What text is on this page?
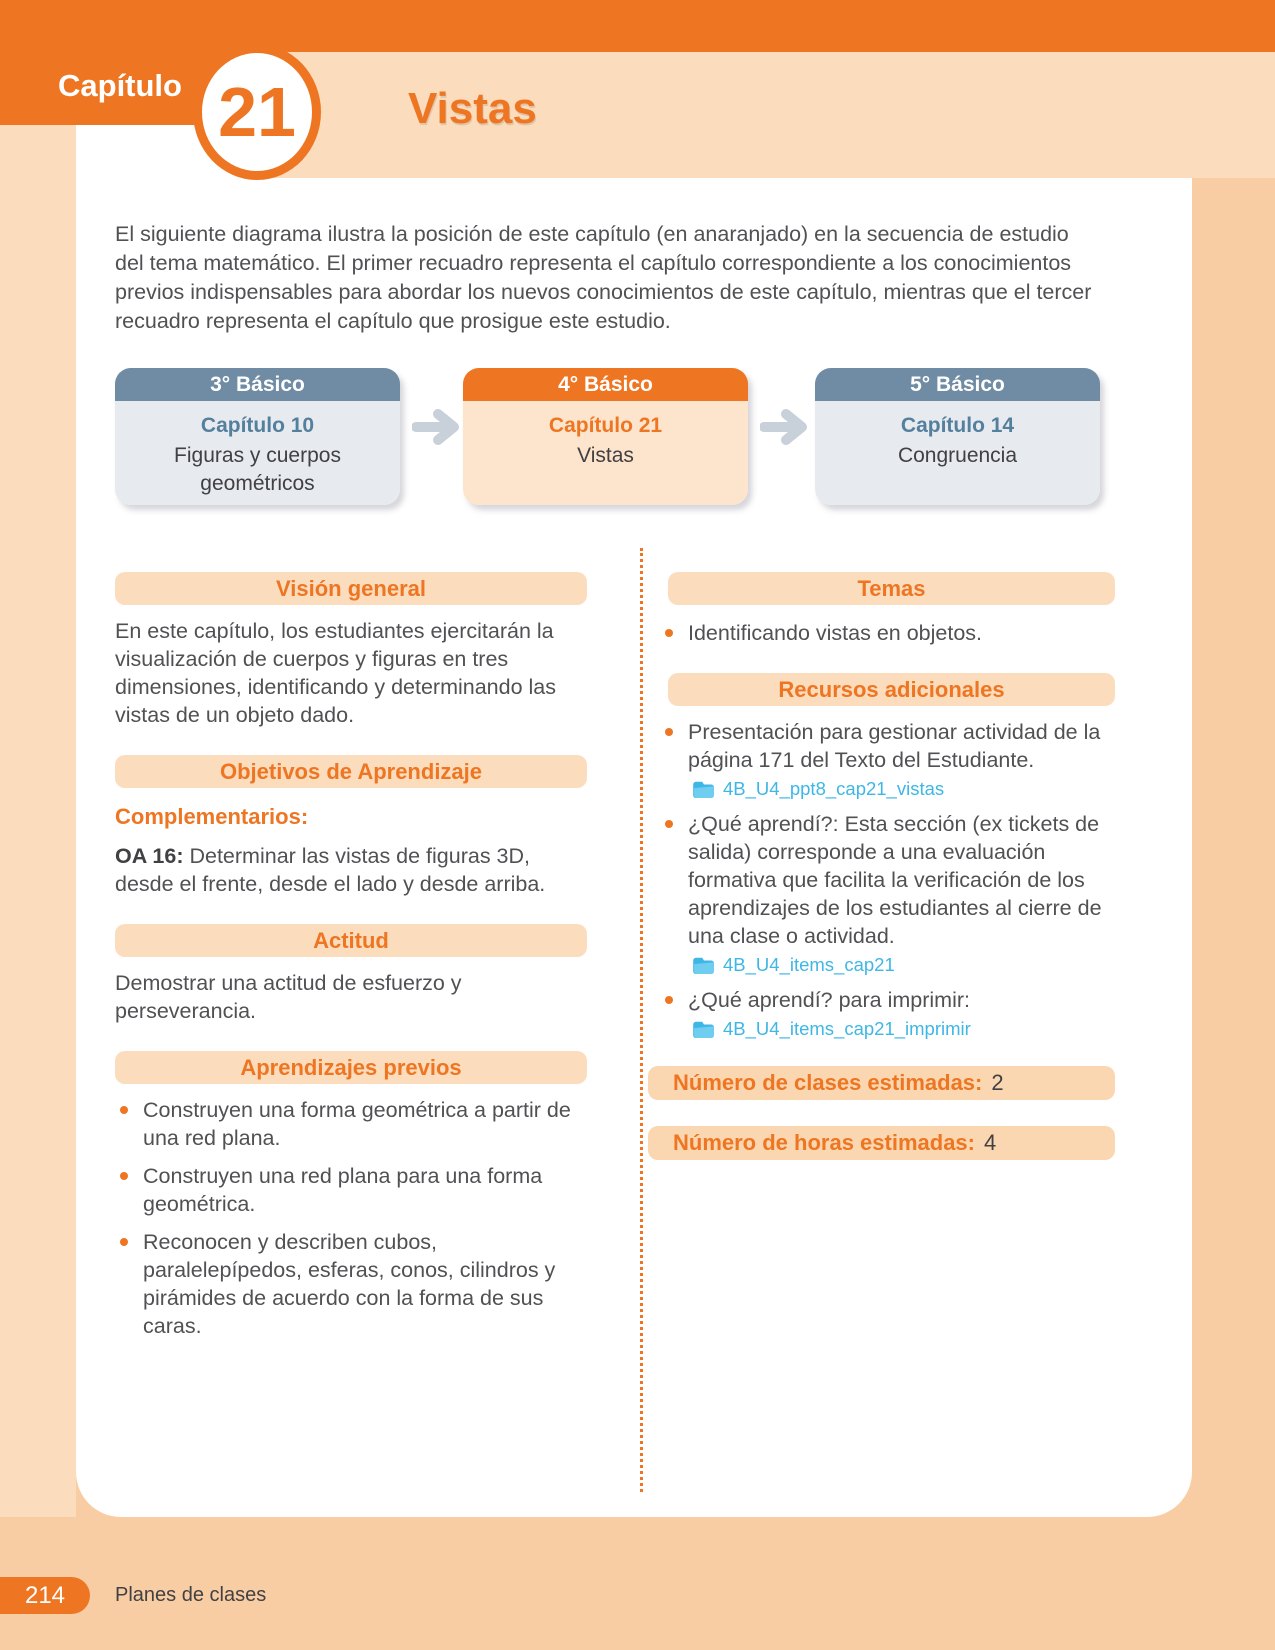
Capítulo 21	Vistas
El siguiente diagrama ilustra la posición de este capítulo (en anaranjado) en la secuencia de estudio del tema matemático. El primer recuadro representa el capítulo correspondiente a los conocimientos previos indispensables para abordar los nuevos conocimientos de este capítulo, mientras que el tercer recuadro representa el capítulo que prosigue este estudio.
3° Básico
Capítulo 10
Figuras y cuerpos geométricos
4° Básico
Capítulo 21
Vistas
5° Básico
Capítulo 14
Congruencia
Visión general
En este capítulo, los estudiantes ejercitarán la visualización de cuerpos y figuras en tres dimensiones, identificando y determinando las vistas de un objeto dado.
Objetivos de Aprendizaje
Complementarios:
OA 16: Determinar las vistas de figuras 3D, desde el frente, desde el lado y desde arriba.
Actitud
Demostrar una actitud de esfuerzo y perseverancia.
Aprendizajes previos
Construyen una forma geométrica a partir de una red plana.
Construyen una red plana para una forma geométrica.
Reconocen y describen cubos, paralelepípedos, esferas, conos, cilindros y pirámides de acuerdo con la forma de sus caras.
Temas
Identificando vistas en objetos.
Recursos adicionales
Presentación para gestionar actividad de la página 171 del Texto del Estudiante.
4B_U4_ppt8_cap21_vistas
¿Qué aprendí?: Esta sección (ex tickets de salida) corresponde a una evaluación formativa que facilita la verificación de los aprendizajes de los estudiantes al cierre de una clase o actividad.
4B_U4_items_cap21
¿Qué aprendí? para imprimir:
4B_U4_items_cap21_imprimir
Número de clases estimadas: 2
Número de horas estimadas: 4
214 Planes de clases
